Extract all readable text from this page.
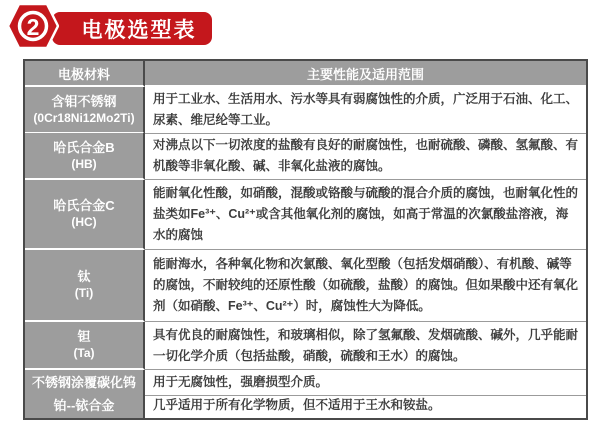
电极选型表
2
电极材料	主要性能及适用范围
含钼不锈钢
(0Cr18Ni12Mo2Ti)
用于工业水、生活用水、污水等具有弱腐蚀性的介质，广泛用于石油、化工、尿素、维尼纶等工业。
哈氏合金B
(HB)
对沸点以下一切浓度的盐酸有良好的耐腐蚀性，也耐硫酸、磷酸、氢氟酸、有机酸等非氧化酸、碱、非氧化盐液的腐蚀。
哈氏合金C
(HC)
能耐氧化性酸，如硝酸，混酸或铬酸与硫酸的混合介质的腐蚀，也耐氧化性的盐类如Fe³⁺、Cu²⁺或含其他氧化剂的腐蚀，如高于常温的次氯酸盐溶液，海水的腐蚀
钛
(Ti)
能耐海水，各种氧化物和次氯酸、氧化型酸（包括发烟硝酸）、有机酸、碱等的腐蚀，不耐较纯的还原性酸（如硫酸，盐酸）的腐蚀。但如果酸中还有氧化剂（如硝酸、Fe³⁺、Cu²⁺）时，腐蚀性大为降低。
钽
(Ta)
具有优良的耐腐蚀性，和玻璃相似，除了氢氟酸、发烟硫酸、碱外，几乎能耐一切化学介质（包括盐酸，硝酸，硫酸和王水）的腐蚀。
不锈钢涂覆碳化钨 用于无腐蚀性，强磨损型介质。
铂--铱合金	几乎适用于所有化学物质，但不适用于王水和铵盐。
